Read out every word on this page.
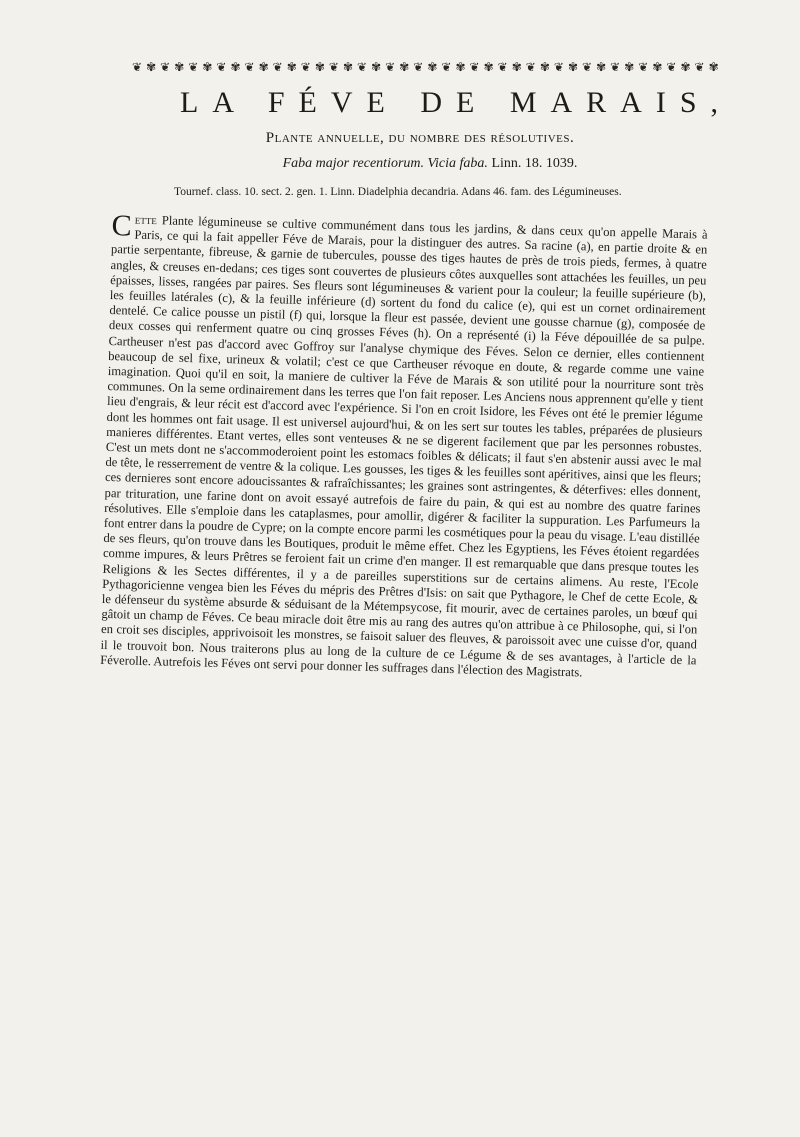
❦ ✾ ❦ ✾ ❦ ✾ ❦ ✾ ❦ ✾ ❦ ✾ ❦ ✾ ❦ ✾ ❦ ✾ ❦ ✾ ❦ ✾ ❦ ✾ ❦ ✾ ❦ ✾ ❦ ✾ ❦ ✾ ❦ ✾ ❦ ✾ ❦ ✾ ❦ ✾ ❦ ✾
LA FÉVE DE MARAIS,
Plante annuelle, du nombre des résolutives.
Faba major recentiorum. Vicia faba. Linn. 18. 1039.
Tournef. class. 10. sect. 2. gen. 1. Linn. Diadelphia decandria. Adans 46. fam. des Légumineuses.
Cette Plante légumineuse se cultive communément dans tous les jardins, & dans ceux qu'on appelle Marais à Paris, ce qui la fait appeller Féve de Marais, pour la distinguer des autres. Sa racine (a), en partie droite & en partie serpentante, fibreuse, & garnie de tubercules, pousse des tiges hautes de près de trois pieds, fermes, à quatre angles, & creuses en-dedans; ces tiges sont couvertes de plusieurs côtes auxquelles sont attachées les feuilles, un peu épaisses, lisses, rangées par paires. Ses fleurs sont légumineuses & varient pour la couleur; la feuille supérieure (b), les feuilles latérales (c), & la feuille inférieure (d) sortent du fond du calice (e), qui est un cornet ordinairement dentelé. Ce calice pousse un pistil (f) qui, lorsque la fleur est passée, devient une gousse charnue (g), composée de deux cosses qui renferment quatre ou cinq grosses Féves (h). On a représenté (i) la Féve dépouillée de sa pulpe. Cartheuser n'est pas d'accord avec Goffroy sur l'analyse chymique des Féves. Selon ce dernier, elles contiennent beaucoup de sel fixe, urineux & volatil; c'est ce que Cartheuser révoque en doute, & regarde comme une vaine imagination. Quoi qu'il en soit, la maniere de cultiver la Féve de Marais & son utilité pour la nourriture sont très communes. On la seme ordinairement dans les terres que l'on fait reposer. Les Anciens nous apprennent qu'elle y tient lieu d'engrais, & leur récit est d'accord avec l'expérience. Si l'on en croit Isidore, les Féves ont été le premier légume dont les hommes ont fait usage. Il est universel aujourd'hui, & on les sert sur toutes les tables, préparées de plusieurs manieres différentes. Etant vertes, elles sont venteuses & ne se digerent facilement que par les personnes robustes. C'est un mets dont ne s'accommoderoient point les estomacs foibles & délicats; il faut s'en abstenir aussi avec le mal de tête, le resserrement de ventre & la colique. Les gousses, les tiges & les feuilles sont apéritives, ainsi que les fleurs; ces dernieres sont encore adoucissantes & rafraîchissantes; les graines sont astringentes, & déterfives: elles donnent, par trituration, une farine dont on avoit essayé autrefois de faire du pain, & qui est au nombre des quatre farines résolutives. Elle s'emploie dans les cataplasmes, pour amollir, digérer & faciliter la suppuration. Les Parfumeurs la font entrer dans la poudre de Cypre; on la compte encore parmi les cosmétiques pour la peau du visage. L'eau distillée de ses fleurs, qu'on trouve dans les Boutiques, produit le même effet. Chez les Egyptiens, les Féves étoient regardées comme impures, & leurs Prêtres se feroient fait un crime d'en manger. Il est remarquable que dans presque toutes les Religions & les Sectes différentes, il y a de pareilles superstitions sur de certains alimens. Au reste, l'Ecole Pythagoricienne vengea bien les Féves du mépris des Prêtres d'Isis: on sait que Pythagore, le Chef de cette Ecole, & le défenseur du système absurde & séduisant de la Métempsycose, fit mourir, avec de certaines paroles, un bœuf qui gâtoit un champ de Féves. Ce beau miracle doit être mis au rang des autres qu'on attribue à ce Philosophe, qui, si l'on en croit ses disciples, apprivoisoit les monstres, se faisoit saluer des fleuves, & paroissoit avec une cuisse d'or, quand il le trouvoit bon. Nous traiterons plus au long de la culture de ce Légume & de ses avantages, à l'article de la Féverolle. Autrefois les Féves ont servi pour donner les suffrages dans l'élection des Magistrats.
